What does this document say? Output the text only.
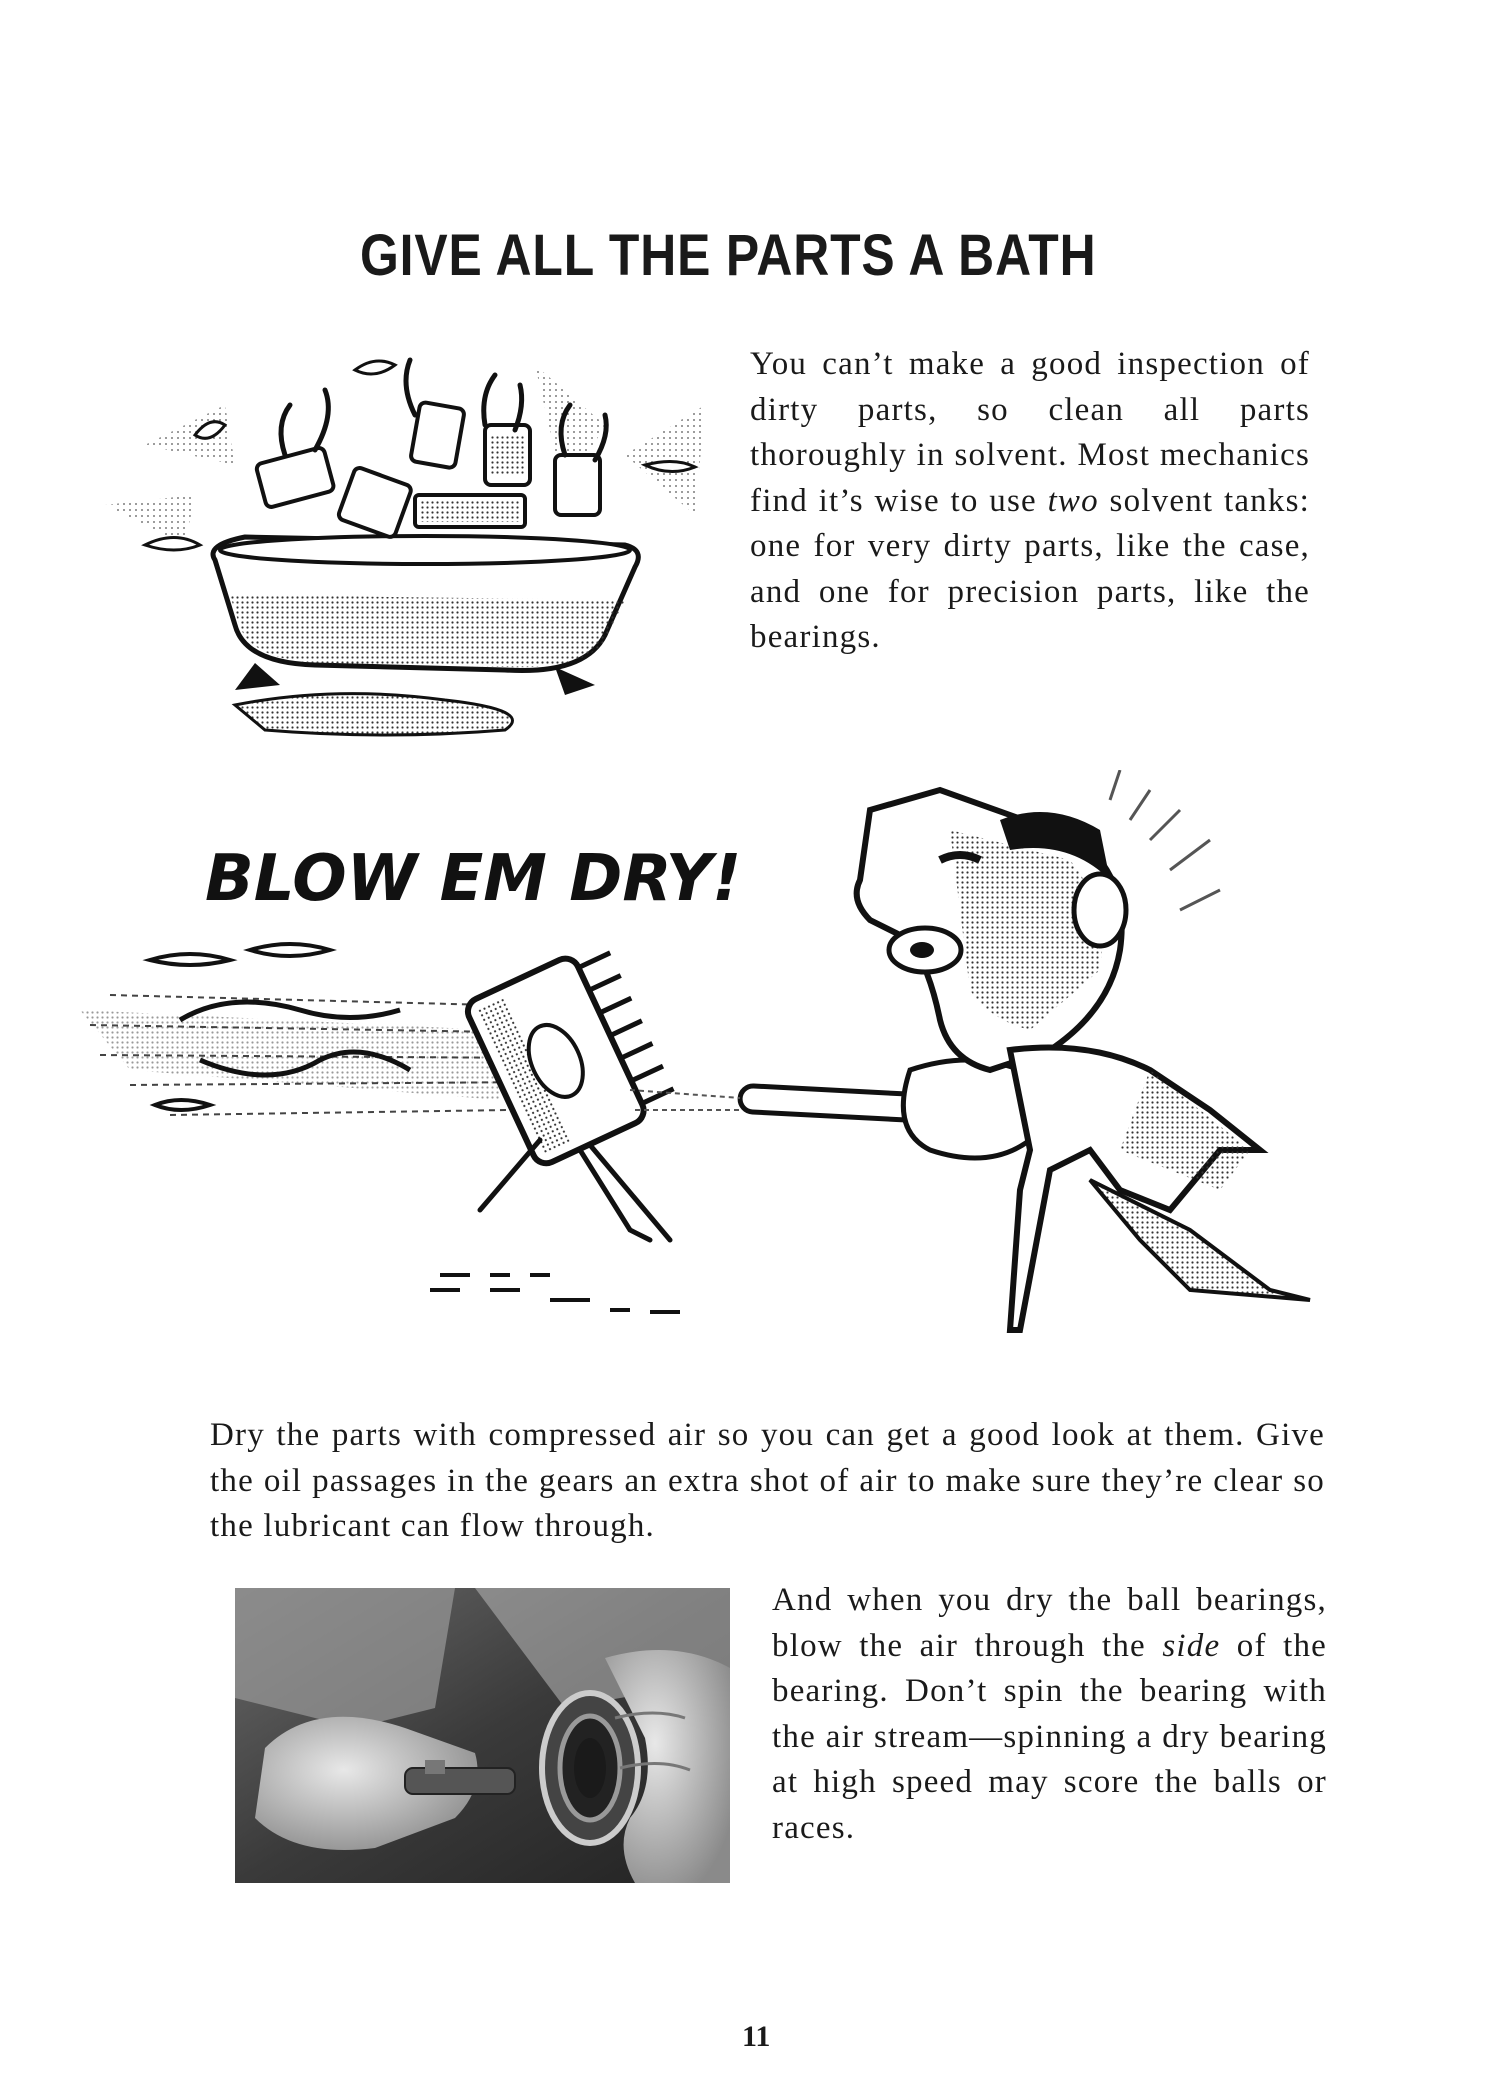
GIVE ALL THE PARTS A BATH
You can’t make a good inspection of dirty parts, so clean all parts thoroughly in solvent. Most mechanics find it’s wise to use two solvent tanks: one for very dirty parts, like the case, and one for precision parts, like the bearings.
BLOW EM DRY!
Dry the parts with compressed air so you can get a good look at them. Give the oil passages in the gears an extra shot of air to make sure they’re clear so the lubricant can flow through.
And when you dry the ball bearings, blow the air through the side of the bearing. Don’t spin the bearing with the air stream—spinning a dry bearing at high speed may score the balls or races.
11
